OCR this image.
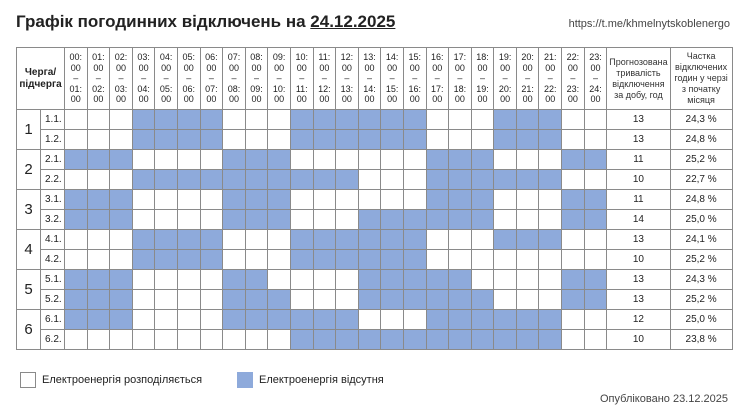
Графік погодинних відключень на 24.12.2025	https://t.me/khmelnytskoblenergo
Черга/
підчерга		00:
00
–
01:
00	01:
00
–
02:
00	02:
00
–
03:
00	03:
00
–
04:
00	04:
00
–
05:
00	05:
00
–
06:
00	06:
00
–
07:
00	07:
00
–
08:
00	08:
00
–
09:
00	09:
00
–
10:
00	10:
00
–
11:
00	11:
00
–
12:
00	12:
00
–
13:
00	13:
00
–
14:
00	14:
00
–
15:
00	15:
00
–
16:
00	16:
00
–
17:
00	17:
00
–
18:
00	18:
00
–
19:
00	19:
00
–
20:
00	20:
00
–
21:
00	21:
00
–
22:
00	22:
00
–
23:
00	23:
00
–
24:
00	Прогнозована тривалість відключення за добу, год	Частка відключених годин у черзі з початку місяця
1	1.1.																									13	24,3 %
	1.2.																									13	24,8 %
2	2.1.																									11	25,2 %
	2.2.																									10	22,7 %
3	3.1.																									11	24,8 %
	3.2.																									14	25,0 %
4	4.1.																									13	24,1 %
	4.2.																									10	25,2 %
5	5.1.																									13	24,3 %
	5.2.																									13	25,2 %
6	6.1.																									12	25,0 %
	6.2.																									10	23,8 %
Електроенергія розподіляється	Електроенергія відсутня
Опубліковано 23.12.2025
